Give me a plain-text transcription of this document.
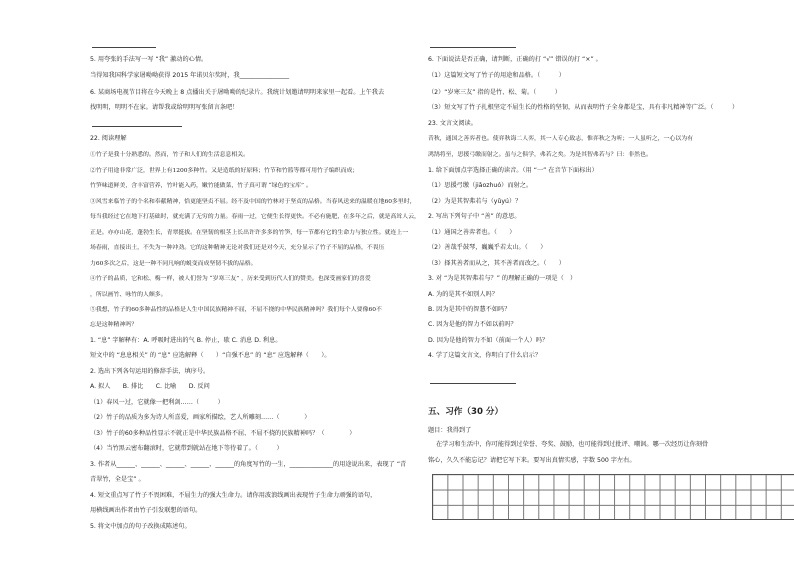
5. 用夸张的手法写一写 “我” 激动的心情。
当得知我国科学家屠呦呦获得 2015 年诺贝尔奖时，我________________
6. 某商场电视节目将在今天晚上 8 点播出关于屠呦呦的纪录片。我统计划邀请明明来家里一起看。上午我去
找明明，明明不在家。请帮我或给明明写张留言条吧！
22. 阅读理解
①竹子是我十分熟悉的。然而，竹子和人们的生活息息相关。
②竹子用途非常广泛，世界上有1200多种竹。又是造纸的好原料；竹节和竹篮等都可用竹子编织而成；
竹笋味道鲜美，含丰富营养，竹叶能入药，嫩竹能做菜，竹子真可谓 “绿色的宝库” 。
③风雪来临竹子的个名和奉献精神，恰更能坚贞不屈。经不及中国的竹林对于坚贞的品格。当春风送来的温暖在地60多里时，
每当我经过它在地下打基础时，就充满了无穷的力量。春雨一过，它便生长得更快。不必有施肥，在多年之后，就是高耸人云，
正是。亦亦山花，蓬勃生长，青翠挺拔。在坚韧的根茎上长出许许多多的竹笋，每一节都有它的生命力与独立性。就连上一
场春雨，直接出土，不失为一种冲劲。它的这种精神无论对我们还是对今天，充分显示了竹子不屈的品格，不畏压
力60多次之后，这是一种不同凡响的蜕变而成坚韧不拔的品格。
④竹子的品质，它和松、梅一样，被人们誉为 “岁寒三友” ，历来受到历代人们的赞美。也深受画家们的喜爱
，所以画竹、咏竹的人颇多。
⑤我想，竹子的60多种品性的品格是人生中国民族精神不屈，不屈不挠的中华民族精神吗？我们每个人要像60不
忘是这种精神吗？
1. “息” 字解释有：A. 呼吸时进出的气 B. 停止，歇 C. 消息 D. 利息。
短文中的 “息息相关” 的 “息” 应选解释（　　）“自强不息” 的 “息” 应选解释（　　）。
2. 选出下列各句运用的修辞手法，填序号。
A. 拟人　　B. 排比　　C. 比喻　　D. 反问
（1）春风一过，它就像一把利剑……（　　　）
（2）竹子的品质为多为诗人所喜爱，画家所描绘，艺人所雕刻……（　　　　）
（3）竹子的60多种品性显示不就正是中华民族品格不屈、不屈不挠的民族精神吗？（　　　　）
（4）当竹黑云密布翻滚时，它就带到就站在地下等待着了。（　　　）
3. 作者从______、______、______、______、______的角度写竹的一生，______________的用途说出来，表现了 “青
青翠竹，全是宝” 。
4. 短文重点写了竹子不畏困难，不屈生力的强大生命力。请你用波浪线画出表现竹子生命力顽强的语句，
用横线画出作者由竹子引发联想的语句。
5. 将文中加点的句子改换成陈述句。
6. 下面说法是否正确，请判断，正确的打 “√” 错误的打 “×” 。
（1）这篇短文写了竹子的用途和品格。（　　　）
（2）“岁寒三友” 指的是竹、松、菊。（　　　）
（3）短文写了竹子扎根坚定不屈生长的性格的坚韧，从而表明竹子全身都是宝，具有非凡精神等广泛。（　　　）
23. 文言文阅读。
昔秋，通国之善弈者也。使弈秋诲二人弈，其一人专心致志，惟弈秋之为听；一人虽听之，一心以为有
鸿鹄将至，思援弓缴而射之。虽与之俱学，弗若之矣。为是其智弗若与？曰：非然也。
1. 给下面加点字选择正确的读音。（用 “一” 在音节下面标出）
（1）思援弓缴（jiǎozhuó）而射之。
（2）为是其智弗若与（yǔyú）？
2. 写出下列句子中 “善” 的意思。
（1）通国之善弈者也。（　　）
（2）善哉乎鼓琴，巍巍乎若太山。（　　）
（3）择其善者而从之，其不善者而改之。（　　）
3. 对 “为是其智弗若与？” 的理解正确的一项是（　）
A. 为的是其不如别人吗？
B. 因为是其中的智慧不如吗？
C. 因为是他的智力不如以前吗？
D. 因为是他的智力不如（前面一个人）吗？
4. 学了这篇文言文，你明白了什么启示？
五、习作（30 分）
题目：我得到了
在学习和生活中，你可能得到过荣誉、夸奖、鼓励，也可能得到过批评、嘲讽。哪一次经历让你刻骨
铭心，久久不能忘记？请把它写下来。要写出真情实感，字数 500 字左右。
